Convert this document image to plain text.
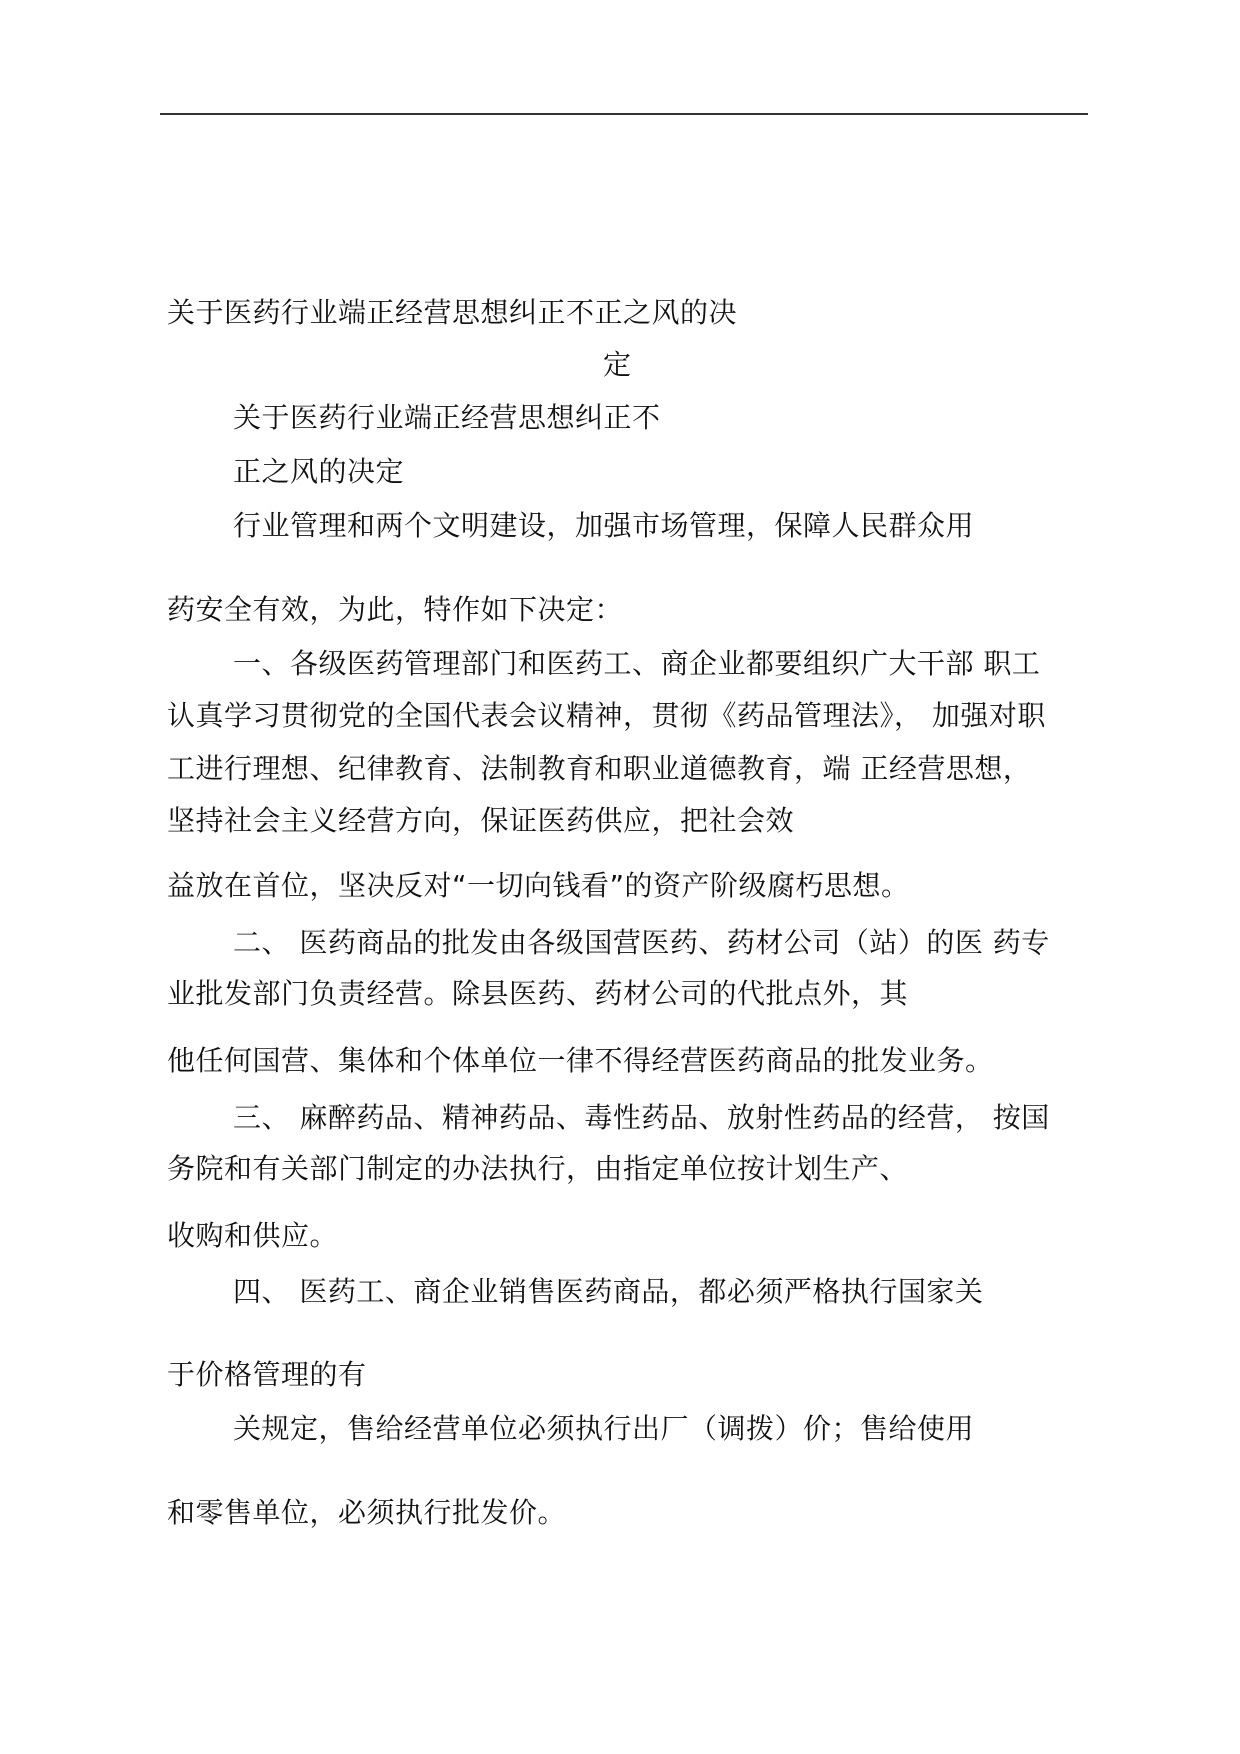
关于医药行业端正经营思想纠正不正之风的决
定
关于医药行业端正经营思想纠正不
正之风的决定
行业管理和两个文明建设，加强市场管理，保障人民群众用
药安全有效，为此，特作如下决定：
一、各级医药管理部门和医药工、商企业都要组织广大干部 职工
认真学习贯彻党的全国代表会议精神，贯彻《药品管理法》， 加强对职
工进行理想、纪律教育、法制教育和职业道德教育，端 正经营思想，
坚持社会主义经营方向，保证医药供应，把社会效
益放在首位，坚决反对“一切向钱看”的资产阶级腐朽思想。
二、 医药商品的批发由各级国营医药、药材公司（站）的医 药专
业批发部门负责经营。除县医药、药材公司的代批点外，其
他任何国营、集体和个体单位一律不得经营医药商品的批发业务。
三、 麻醉药品、精神药品、毒性药品、放射性药品的经营， 按国
务院和有关部门制定的办法执行，由指定单位按计划生产、
收购和供应。
四、 医药工、商企业销售医药商品，都必须严格执行国家关
于价格管理的有
关规定，售给经营单位必须执行出厂（调拨）价；售给使用
和零售单位，必须执行批发价。
